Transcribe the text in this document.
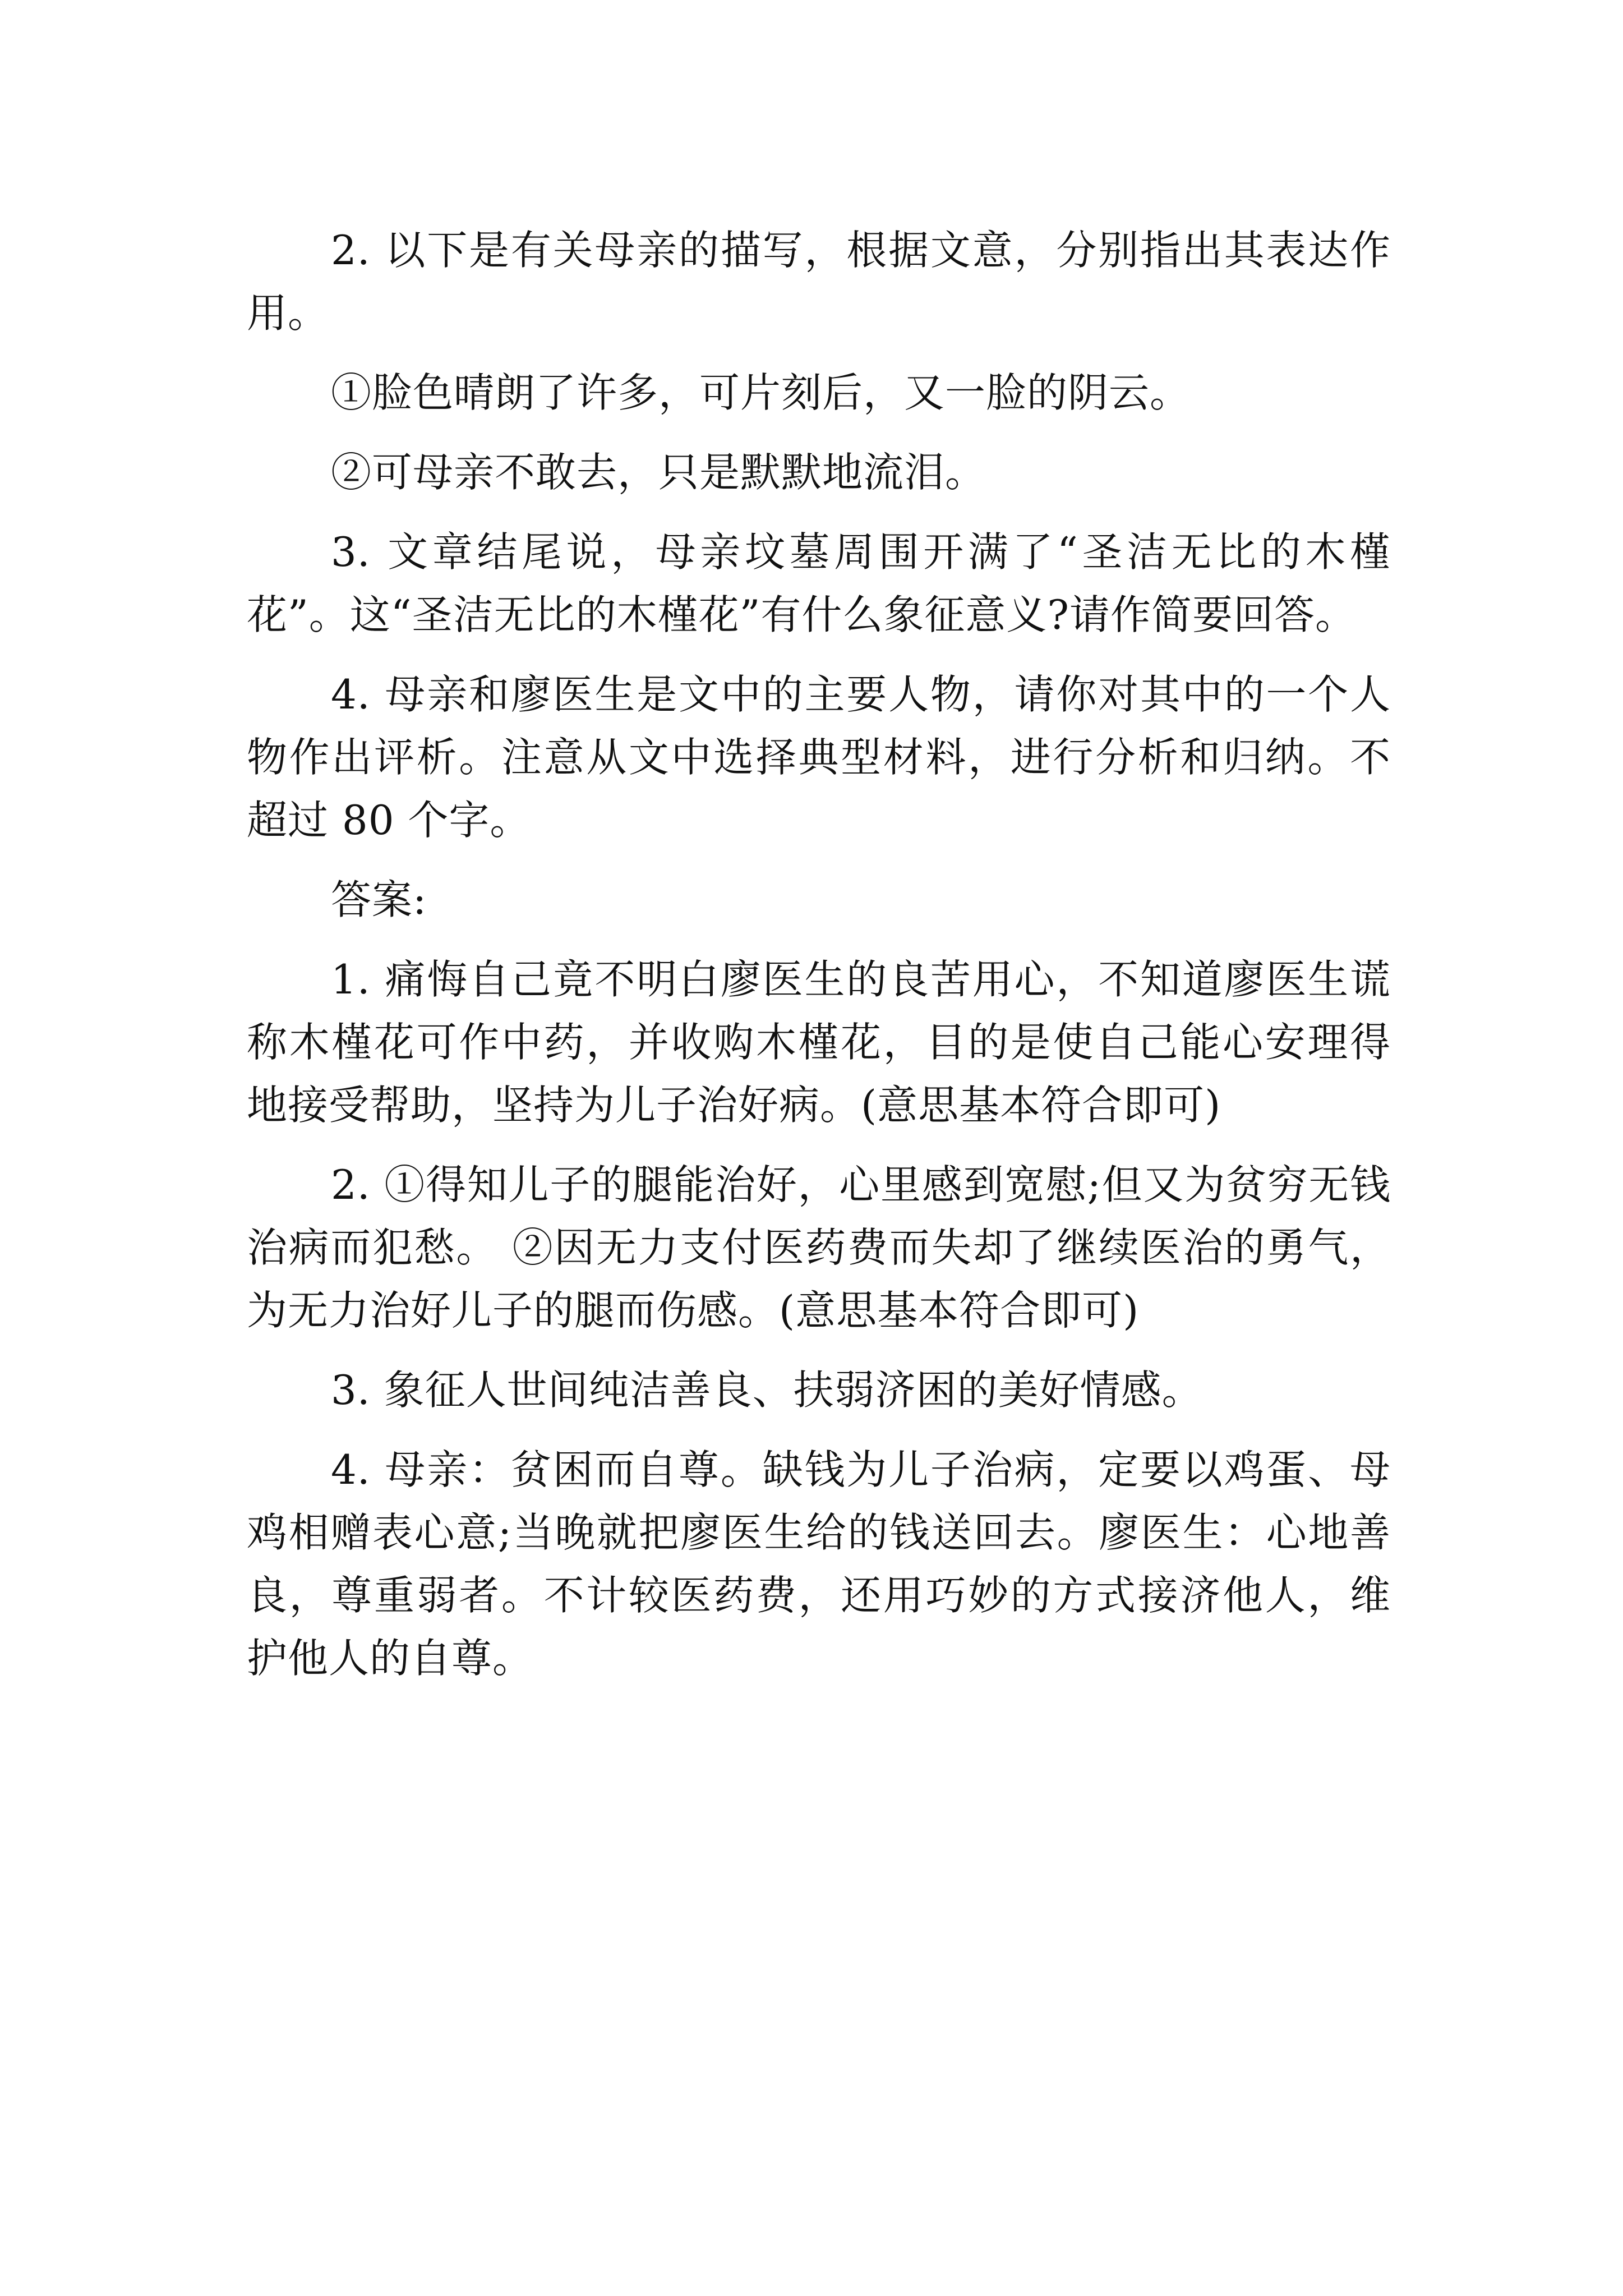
2. 以下是有关母亲的描写，根据文意，分别指出其表达作用。

①脸色晴朗了许多，可片刻后，又一脸的阴云。

②可母亲不敢去，只是默默地流泪。

3. 文章结尾说，母亲坟墓周围开满了“圣洁无比的木槿花”。这“圣洁无比的木槿花”有什么象征意义?请作简要回答。

4. 母亲和廖医生是文中的主要人物，请你对其中的一个人物作出评析。注意从文中选择典型材料，进行分析和归纳。不超过 80 个字。

答案:

1. 痛悔自己竟不明白廖医生的良苦用心，不知道廖医生谎称木槿花可作中药，并收购木槿花，目的是使自己能心安理得地接受帮助，坚持为儿子治好病。(意思基本符合即可)

2. ①得知儿子的腿能治好，心里感到宽慰;但又为贫穷无钱治病而犯愁。 ②因无力支付医药费而失却了继续医治的勇气，为无力治好儿子的腿而伤感。(意思基本符合即可)

3. 象征人世间纯洁善良、扶弱济困的美好情感。

4. 母亲：贫困而自尊。缺钱为儿子治病，定要以鸡蛋、母鸡相赠表心意;当晚就把廖医生给的钱送回去。廖医生：心地善良，尊重弱者。不计较医药费，还用巧妙的方式接济他人，维护他人的自尊。
